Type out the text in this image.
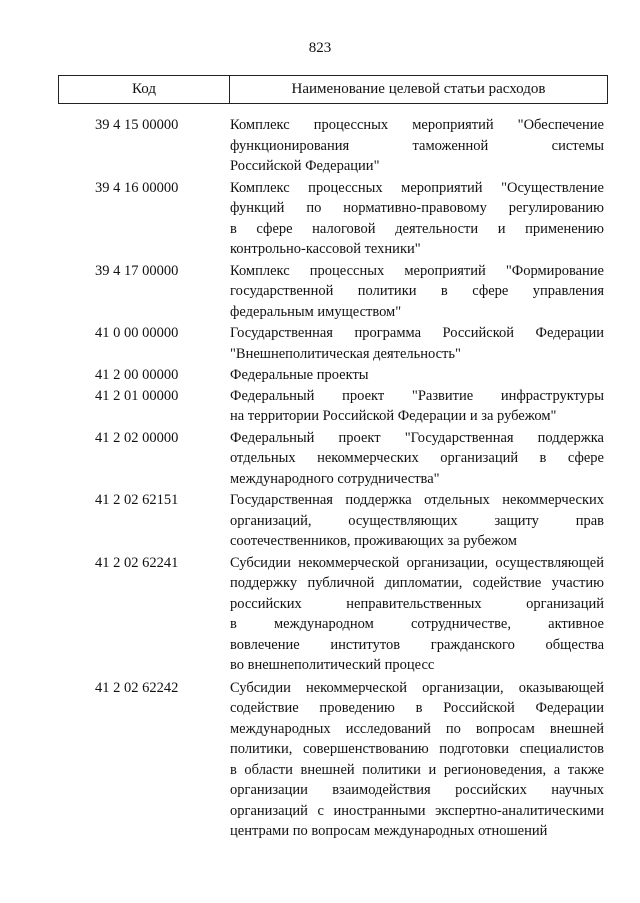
823
Код	Наименование целевой статьи расходов
39 4 15 00000	Комплекс процессных мероприятий "Обеспечение
функционирования таможенной системы
Российской Федерации"
39 4 16 00000	Комплекс процессных мероприятий "Осуществление
функций по нормативно-правовому регулированию
в сфере налоговой деятельности и применению
контрольно-кассовой техники"
39 4 17 00000	Комплекс процессных мероприятий "Формирование
государственной политики в сфере управления
федеральным имуществом"
41 0 00 00000	Государственная программа Российской Федерации
"Внешнеполитическая деятельность"
41 2 00 00000	Федеральные проекты
41 2 01 00000	Федеральный проект "Развитие инфраструктуры
на территории Российской Федерации и за рубежом"
41 2 02 00000	Федеральный проект "Государственная поддержка
отдельных некоммерческих организаций в сфере
международного сотрудничества"
41 2 02 62151	Государственная поддержка отдельных некоммерческих
организаций, осуществляющих защиту прав
соотечественников, проживающих за рубежом
41 2 02 62241	Субсидии некоммерческой организации, осуществляющей
поддержку публичной дипломатии, содействие участию
российских неправительственных организаций
в международном сотрудничестве, активное
вовлечение институтов гражданского общества
во внешнеполитический процесс
41 2 02 62242	Субсидии некоммерческой организации, оказывающей
содействие проведению в Российской Федерации
международных исследований по вопросам внешней
политики, совершенствованию подготовки специалистов
в области внешней политики и регионоведения, а также
организации взаимодействия российских научных
организаций с иностранными экспертно-аналитическими
центрами по вопросам международных отношений
